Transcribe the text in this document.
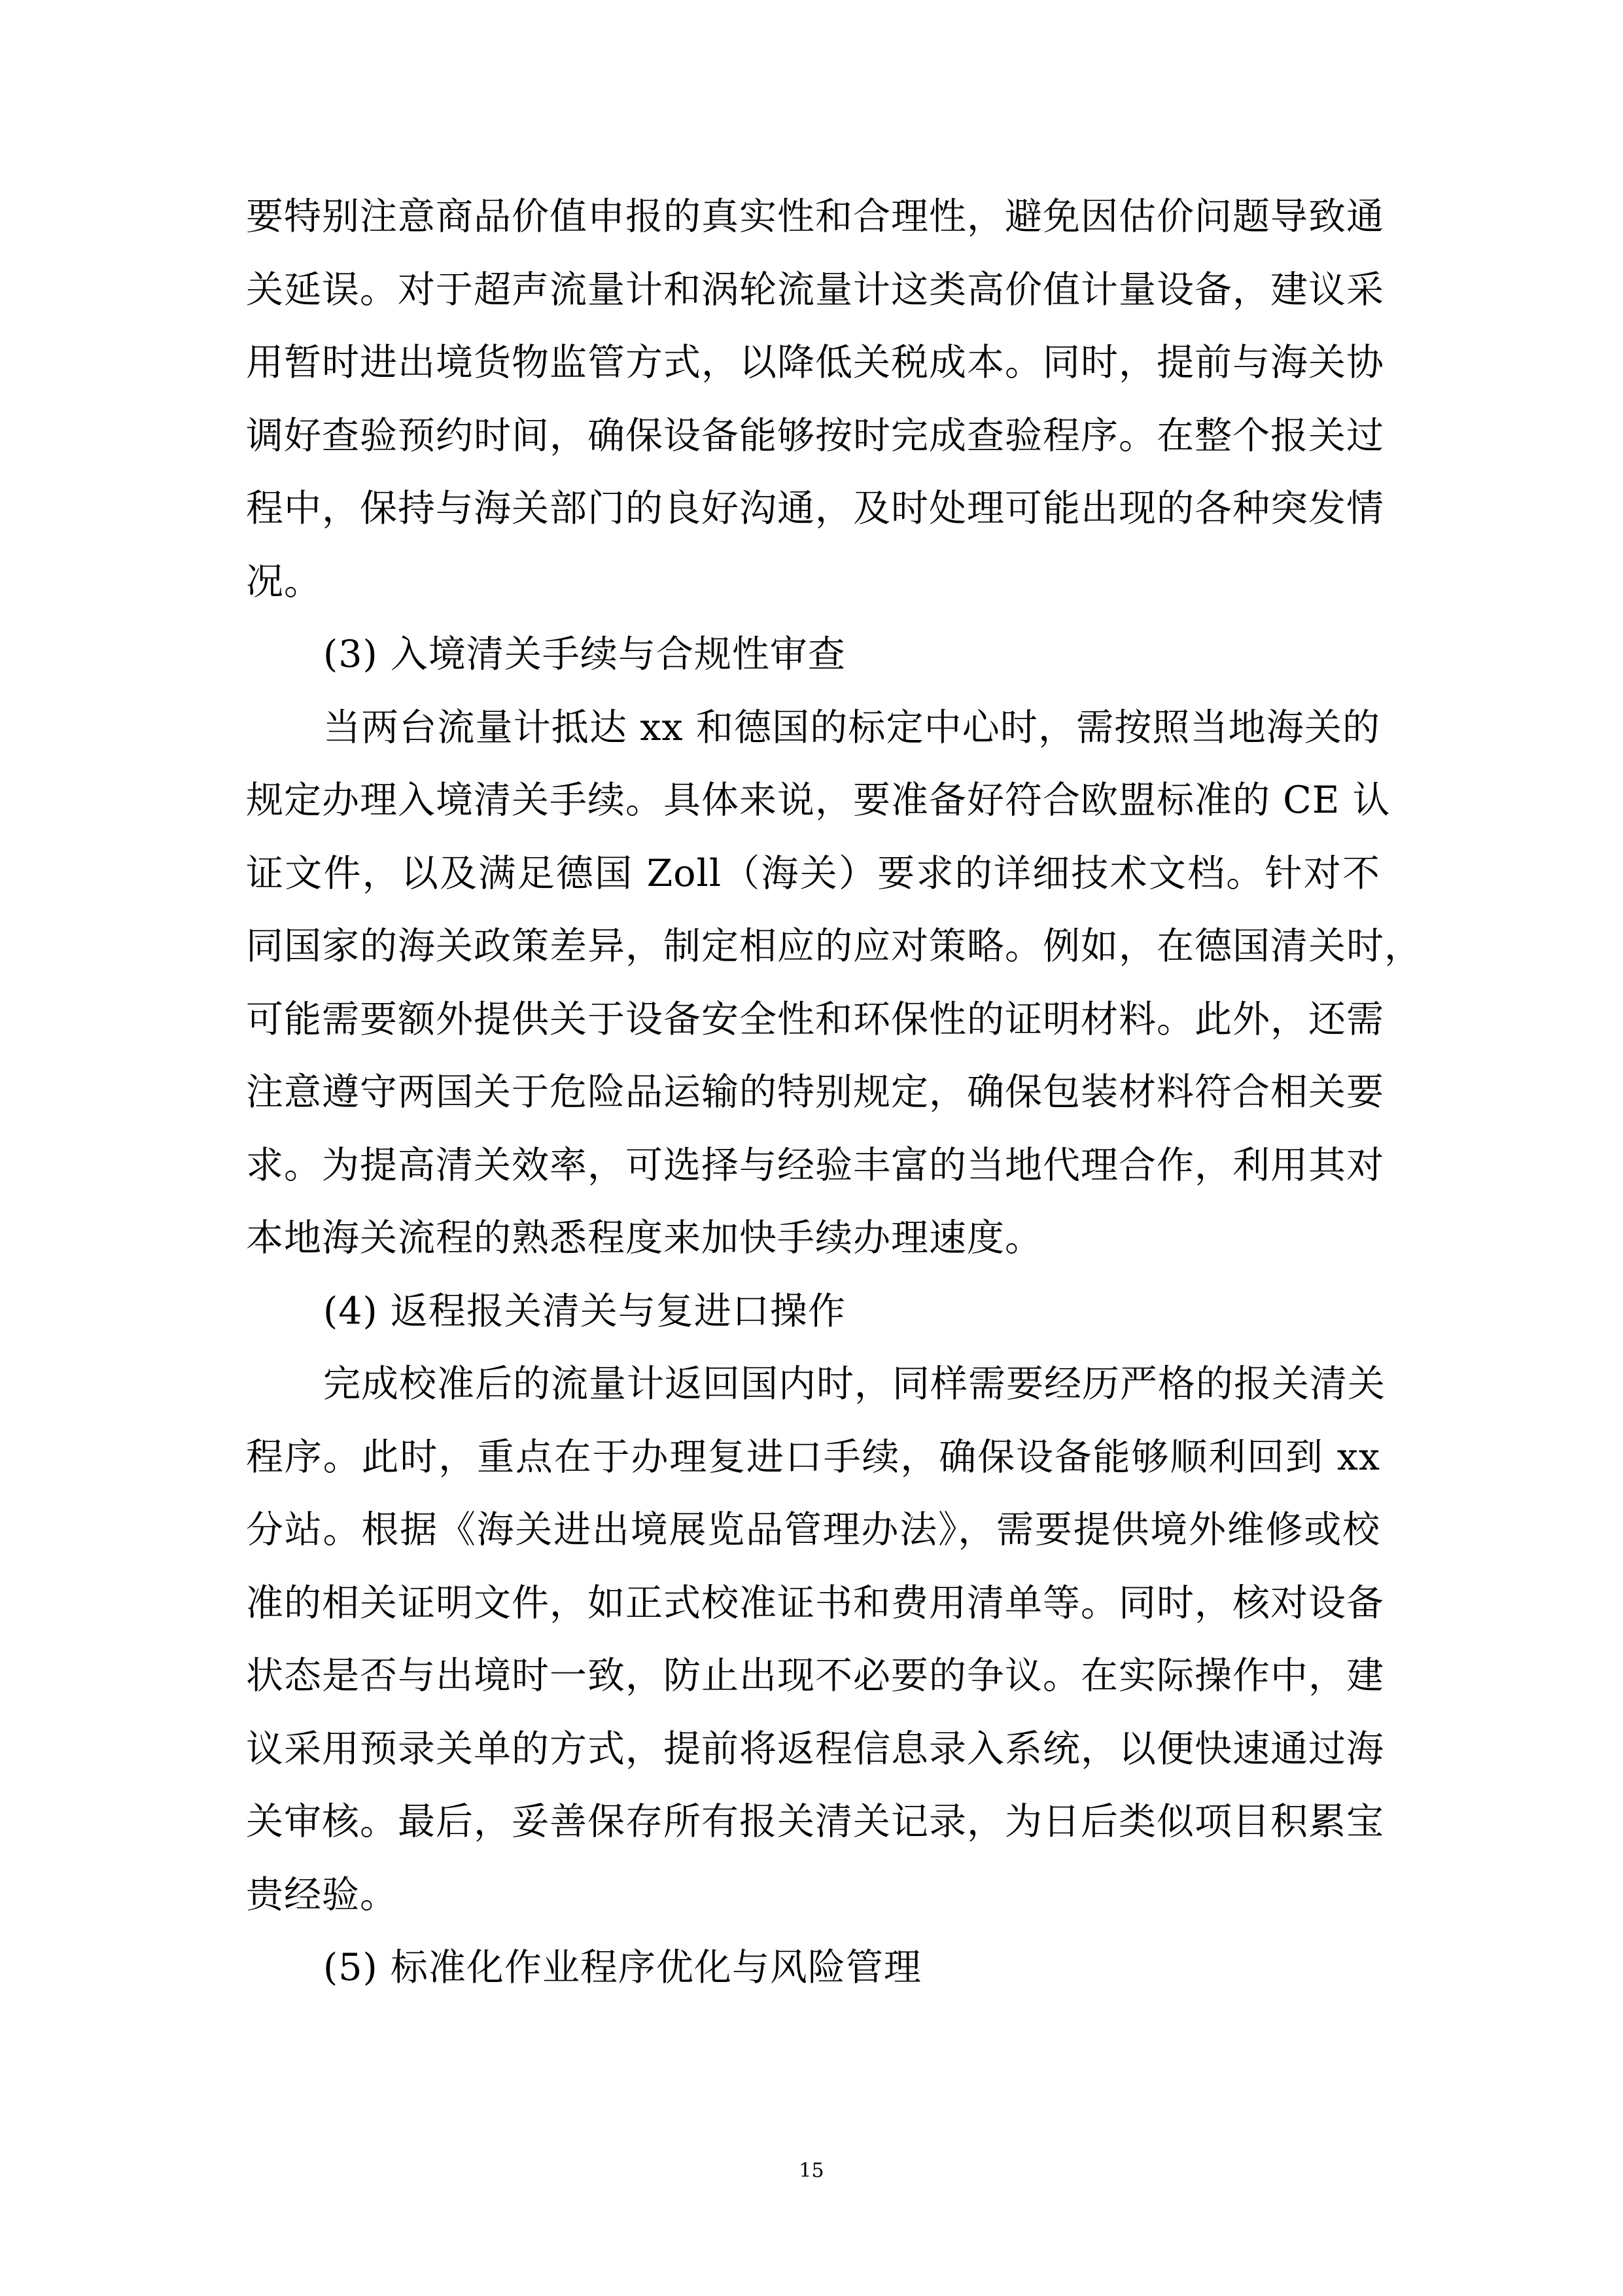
要特别注意商品价值申报的真实性和合理性，避免因估价问题导致通
关延误。对于超声流量计和涡轮流量计这类高价值计量设备，建议采
用暂时进出境货物监管方式，以降低关税成本。同时，提前与海关协
调好查验预约时间，确保设备能够按时完成查验程序。在整个报关过
程中，保持与海关部门的良好沟通，及时处理可能出现的各种突发情
况。
(3) 入境清关手续与合规性审查
当两台流量计抵达 xx 和德国的标定中心时，需按照当地海关的
规定办理入境清关手续。具体来说，要准备好符合欧盟标准的 CE 认
证文件，以及满足德国 Zoll（海关）要求的详细技术文档。针对不
同国家的海关政策差异，制定相应的应对策略。例如，在德国清关时，
可能需要额外提供关于设备安全性和环保性的证明材料。此外，还需
注意遵守两国关于危险品运输的特别规定，确保包装材料符合相关要
求。为提高清关效率，可选择与经验丰富的当地代理合作，利用其对
本地海关流程的熟悉程度来加快手续办理速度。
(4) 返程报关清关与复进口操作
完成校准后的流量计返回国内时，同样需要经历严格的报关清关
程序。此时，重点在于办理复进口手续，确保设备能够顺利回到 xx
分站。根据《海关进出境展览品管理办法》，需要提供境外维修或校
准的相关证明文件，如正式校准证书和费用清单等。同时，核对设备
状态是否与出境时一致，防止出现不必要的争议。在实际操作中，建
议采用预录关单的方式，提前将返程信息录入系统，以便快速通过海
关审核。最后，妥善保存所有报关清关记录，为日后类似项目积累宝
贵经验。
(5) 标准化作业程序优化与风险管理
15
